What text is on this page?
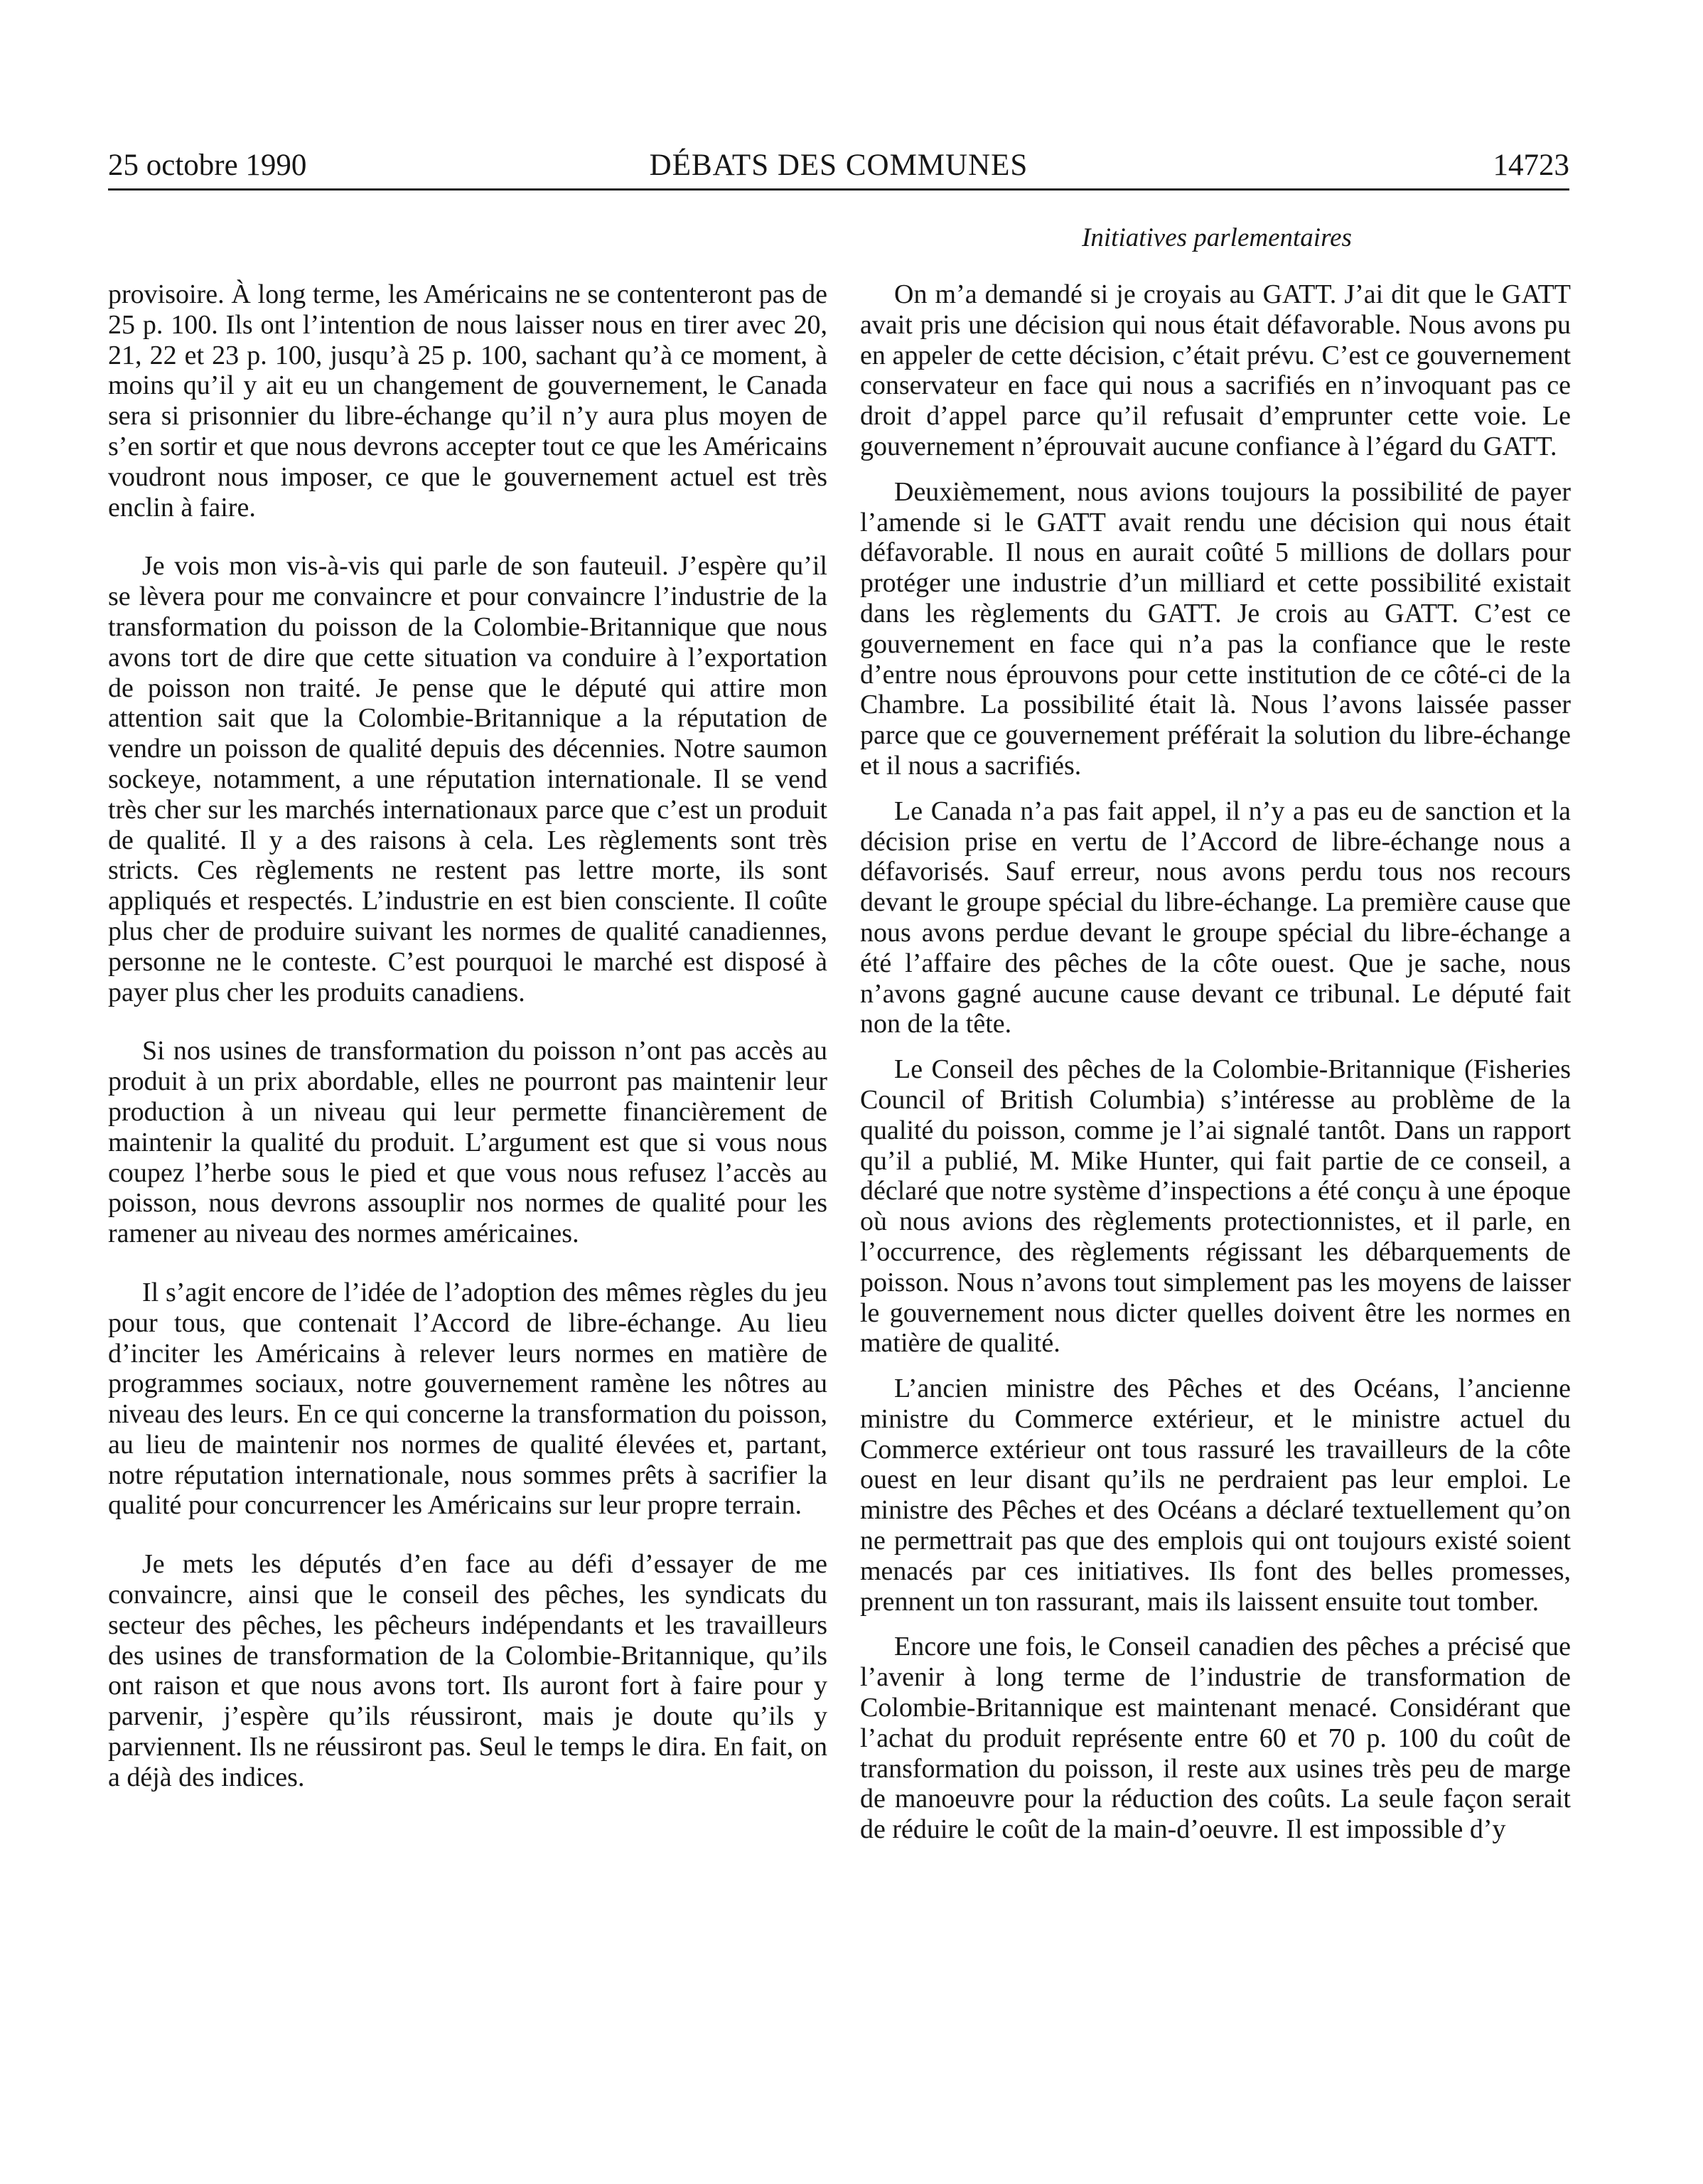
25 octobre 1990	DÉBATS DES COMMUNES	14723
Initiatives parlementaires

provisoire. À long terme, les Américains ne se contenteront pas de 25 p. 100. Ils ont l’intention de nous laisser nous en tirer avec 20, 21, 22 et 23 p. 100, jusqu’à 25 p. 100, sachant qu’à ce moment, à moins qu’il y ait eu un changement de gouvernement, le Canada sera si prisonnier du libre-échange qu’il n’y aura plus moyen de s’en sortir et que nous devrons accepter tout ce que les Américains voudront nous imposer, ce que le gouvernement actuel est très enclin à faire.

Je vois mon vis-à-vis qui parle de son fauteuil. J’espère qu’il se lèvera pour me convaincre et pour convaincre l’industrie de la transformation du poisson de la Colombie-Britannique que nous avons tort de dire que cette situation va conduire à l’exportation de poisson non traité. Je pense que le député qui attire mon attention sait que la Colombie-Britannique a la réputation de vendre un poisson de qualité depuis des décennies. Notre saumon sockeye, notamment, a une réputation internationale. Il se vend très cher sur les marchés internationaux parce que c’est un produit de qualité. Il y a des raisons à cela. Les règlements sont très stricts. Ces règlements ne restent pas lettre morte, ils sont appliqués et respectés. L’industrie en est bien consciente. Il coûte plus cher de produire suivant les normes de qualité canadiennes, personne ne le conteste. C’est pourquoi le marché est disposé à payer plus cher les produits canadiens.

Si nos usines de transformation du poisson n’ont pas accès au produit à un prix abordable, elles ne pourront pas maintenir leur production à un niveau qui leur permette financièrement de maintenir la qualité du produit. L’argument est que si vous nous coupez l’herbe sous le pied et que vous nous refusez l’accès au poisson, nous devrons assouplir nos normes de qualité pour les ramener au niveau des normes américaines.

Il s’agit encore de l’idée de l’adoption des mêmes règles du jeu pour tous, que contenait l’Accord de libre-échange. Au lieu d’inciter les Américains à relever leurs normes en matière de programmes sociaux, notre gouvernement ramène les nôtres au niveau des leurs. En ce qui concerne la transformation du poisson, au lieu de maintenir nos normes de qualité élevées et, partant, notre réputation internationale, nous sommes prêts à sacrifier la qualité pour concurrencer les Américains sur leur propre terrain.

Je mets les députés d’en face au défi d’essayer de me convaincre, ainsi que le conseil des pêches, les syndicats du secteur des pêches, les pêcheurs indépendants et les travailleurs des usines de transformation de la Colombie-Britannique, qu’ils ont raison et que nous avons tort. Ils auront fort à faire pour y parvenir, j’espère qu’ils réussiront, mais je doute qu’ils y parviennent. Ils ne réussiront pas. Seul le temps le dira. En fait, on a déjà des indices.

On m’a demandé si je croyais au GATT. J’ai dit que le GATT avait pris une décision qui nous était défavorable. Nous avons pu en appeler de cette décision, c’était prévu. C’est ce gouvernement conservateur en face qui nous a sacrifiés en n’invoquant pas ce droit d’appel parce qu’il refusait d’emprunter cette voie. Le gouvernement n’éprouvait aucune confiance à l’égard du GATT.

Deuxièmement, nous avions toujours la possibilité de payer l’amende si le GATT avait rendu une décision qui nous était défavorable. Il nous en aurait coûté 5 millions de dollars pour protéger une industrie d’un milliard et cette possibilité existait dans les règlements du GATT. Je crois au GATT. C’est ce gouvernement en face qui n’a pas la confiance que le reste d’entre nous éprouvons pour cette institution de ce côté-ci de la Chambre. La possibilité était là. Nous l’avons laissée passer parce que ce gouvernement préférait la solution du libre-échange et il nous a sacrifiés.

Le Canada n’a pas fait appel, il n’y a pas eu de sanction et la décision prise en vertu de l’Accord de libre-échange nous a défavorisés. Sauf erreur, nous avons perdu tous nos recours devant le groupe spécial du libre-échange. La première cause que nous avons perdue devant le groupe spécial du libre-échange a été l’affaire des pêches de la côte ouest. Que je sache, nous n’avons gagné aucune cause devant ce tribunal. Le député fait non de la tête.

Le Conseil des pêches de la Colombie-Britannique (Fisheries Council of British Columbia) s’intéresse au problème de la qualité du poisson, comme je l’ai signalé tantôt. Dans un rapport qu’il a publié, M. Mike Hunter, qui fait partie de ce conseil, a déclaré que notre système d’inspections a été conçu à une époque où nous avions des règlements protectionnistes, et il parle, en l’occurrence, des règlements régissant les débarquements de poisson. Nous n’avons tout simplement pas les moyens de laisser le gouvernement nous dicter quelles doivent être les normes en matière de qualité.

L’ancien ministre des Pêches et des Océans, l’ancienne ministre du Commerce extérieur, et le ministre actuel du Commerce extérieur ont tous rassuré les travailleurs de la côte ouest en leur disant qu’ils ne perdraient pas leur emploi. Le ministre des Pêches et des Océans a déclaré textuellement qu’on ne permettrait pas que des emplois qui ont toujours existé soient menacés par ces initiatives. Ils font des belles promesses, prennent un ton rassurant, mais ils laissent ensuite tout tomber.

Encore une fois, le Conseil canadien des pêches a précisé que l’avenir à long terme de l’industrie de transformation de Colombie-Britannique est maintenant menacé. Considérant que l’achat du produit représente entre 60 et 70 p. 100 du coût de transformation du poisson, il reste aux usines très peu de marge de manoeuvre pour la réduction des coûts. La seule façon serait de réduire le coût de la main-d’oeuvre. Il est impossible d’y
